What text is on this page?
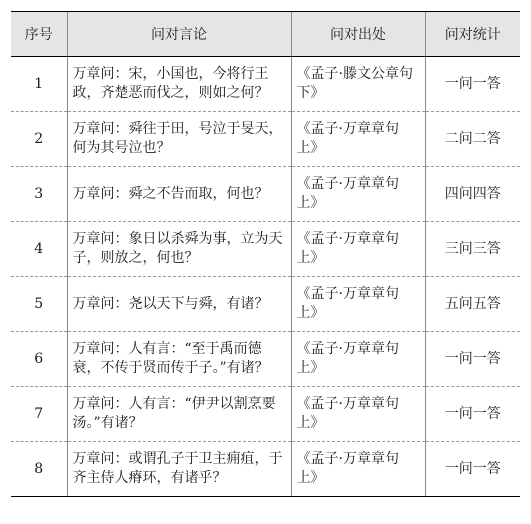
序号	问对言论	问对出处	问对统计
1	万章问：宋，小国也，今将行王政，齐楚恶而伐之，则如之何？	《孟子·滕文公章句下》	一问一答
2	万章问：舜往于田，号泣于旻天，何为其号泣也？	《孟子·万章章句上》	二问二答
3	万章问：舜之不告而取，何也？	《孟子·万章章句上》	四问四答
4	万章问：象日以杀舜为事，立为天子，则放之，何也？	《孟子·万章章句上》	三问三答
5	万章问：尧以天下与舜，有诸？	《孟子·万章章句上》	五问五答
6	万章问：人有言：“至于禹而德衰，不传于贤而传于子。”有诸？	《孟子·万章章句上》	一问一答
7	万章问：人有言：“伊尹以割烹要汤。”有诸？	《孟子·万章章句上》	一问一答
8	万章问：或谓孔子于卫主痈疽，于齐主侍人瘠环，有诸乎？	《孟子·万章章句上》	一问一答
